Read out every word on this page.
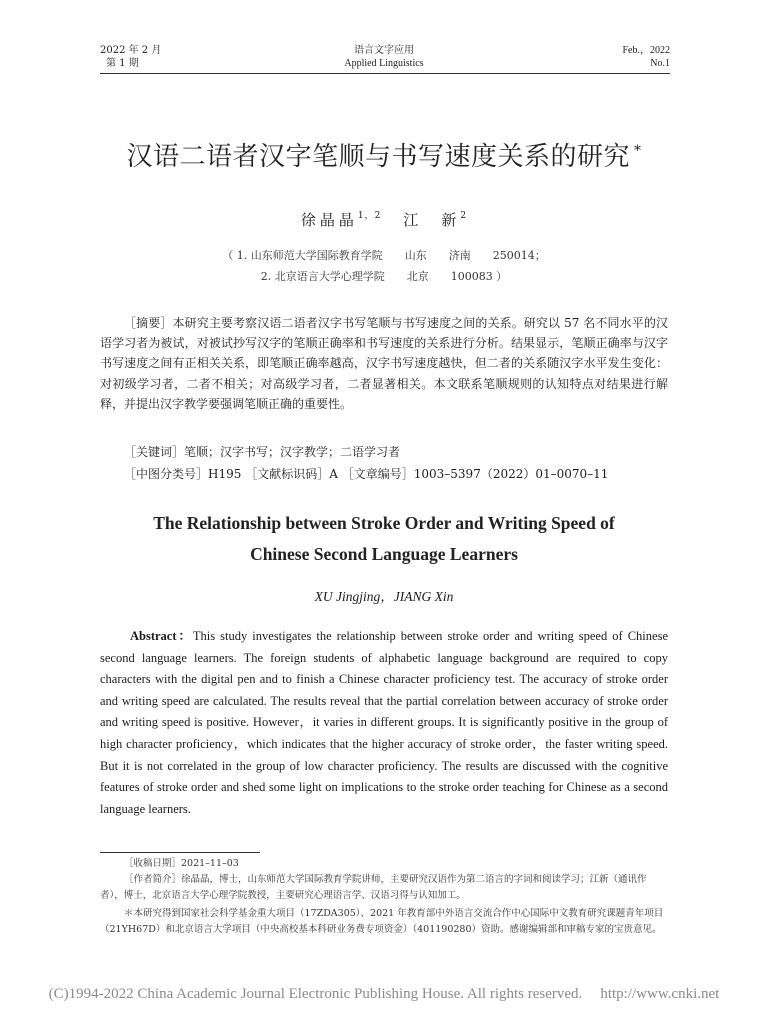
2022 年 2 月
第 1 期
语言文字应用
Applied Linguistics
Feb.，2022
No.1
汉语二语者汉字笔顺与书写速度关系的研究 *
徐晶晶$^{1,2}$ 江　新$^2$
（ 1. 山东师范大学国际教育学院　　山东　　济南　　250014；
2. 北京语言大学心理学院　　北京　　100083 ）
［摘要］本研究主要考察汉语二语者汉字书写笔顺与书写速度之间的关系。研究以 57 名不同水平的汉语学习者为被试，对被试抄写汉字的笔顺正确率和书写速度的关系进行分析。结果显示，笔顺正确率与汉字书写速度之间有正相关关系，即笔顺正确率越高，汉字书写速度越快，但二者的关系随汉字水平发生变化：对初级学习者，二者不相关；对高级学习者，二者显著相关。本文联系笔顺规则的认知特点对结果进行解释，并提出汉字教学要强调笔顺正确的重要性。
［关键词］笔顺；汉字书写；汉字教学；二语学习者
［中图分类号］H195 ［文献标识码］A ［文章编号］1003–5397（2022）01–0070–11
The Relationship between Stroke Order and Writing Speed of
Chinese Second Language Learners
XU Jingjing，JIANG Xin
Abstract：This study investigates the relationship between stroke order and writing speed of Chinese second language learners. The foreign students of alphabetic language background are required to copy characters with the digital pen and to finish a Chinese character proficiency test. The accuracy of stroke order and writing speed are calculated. The results reveal that the partial correlation between accuracy of stroke order and writing speed is positive. However，it varies in different groups. It is significantly positive in the group of high character proficiency，which indicates that the higher accuracy of stroke order，the faster writing speed. But it is not correlated in the group of low character proficiency. The results are discussed with the cognitive features of stroke order and shed some light on implications to the stroke order teaching for Chinese as a second language learners.
［收稿日期］2021–11–03
［作者简介］徐晶晶，博士，山东师范大学国际教育学院讲师，主要研究汉语作为第二语言的字词和阅读学习；江新（通讯作者），博士，北京语言大学心理学院教授，主要研究心理语言学、汉语习得与认知加工。
＊本研究得到国家社会科学基金重大项目（17ZDA305）、2021 年教育部中外语言交流合作中心国际中文教育研究课题青年项目（21YH67D）和北京语言大学项目（中央高校基本科研业务费专项资金）（401190280）资助。感谢编辑部和审稿专家的宝贵意见。
(C)1994-2022 China Academic Journal Electronic Publishing House. All rights reserved. http://www.cnki.net
